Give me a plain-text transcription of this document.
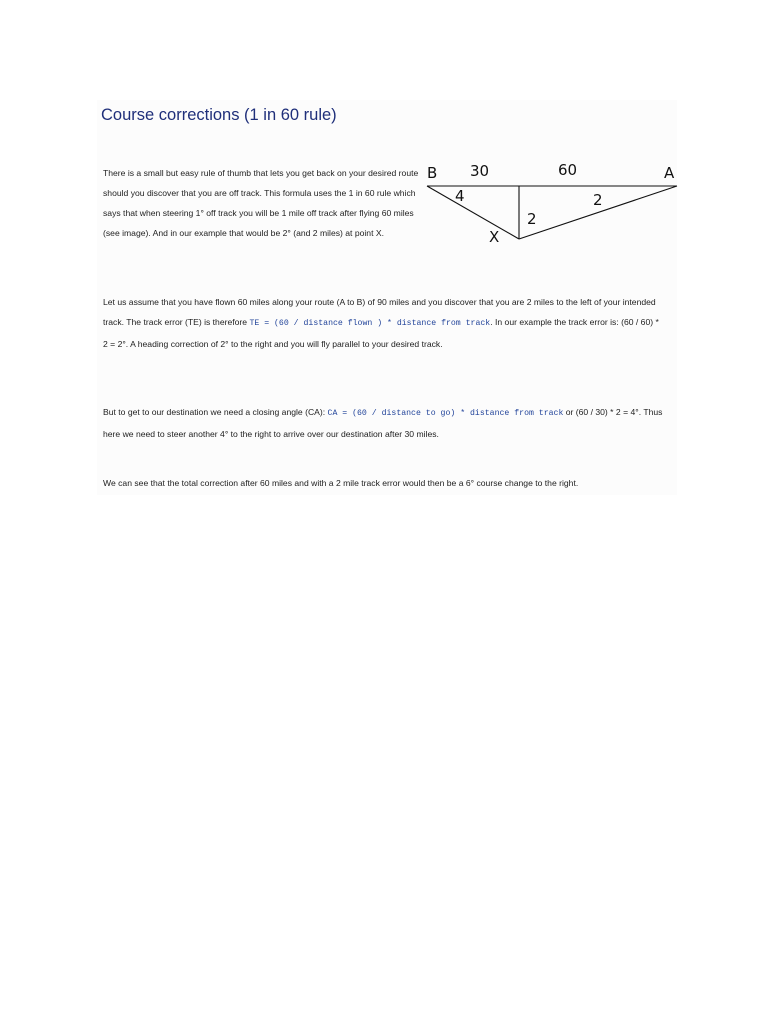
Course corrections (1 in 60 rule)

There is a small but easy rule of thumb that lets you get back on your desired route should you discover that you are off track. This formula uses the 1 in 60 rule which says that when steering 1° off track you will be 1 mile off track after flying 60 miles (see image). And in our example that would be 2° (and 2 miles) at point X.

B 30	60	A
4	2
2
X

Let us assume that you have flown 60 miles along your route (A to B) of 90 miles and you discover that you are 2 miles to the left of your intended track. The track error (TE) is therefore TE = (60 / distance flown ) * distance from track. In our example the track error is: (60 / 60) * 2 = 2°. A heading correction of 2° to the right and you will fly parallel to your desired track.

But to get to our destination we need a closing angle (CA): CA = (60 / distance to go) * distance from track or (60 / 30) * 2 = 4°. Thus here we need to steer another 4° to the right to arrive over our destination after 30 miles.

We can see that the total correction after 60 miles and with a 2 mile track error would then be a 6° course change to the right.
